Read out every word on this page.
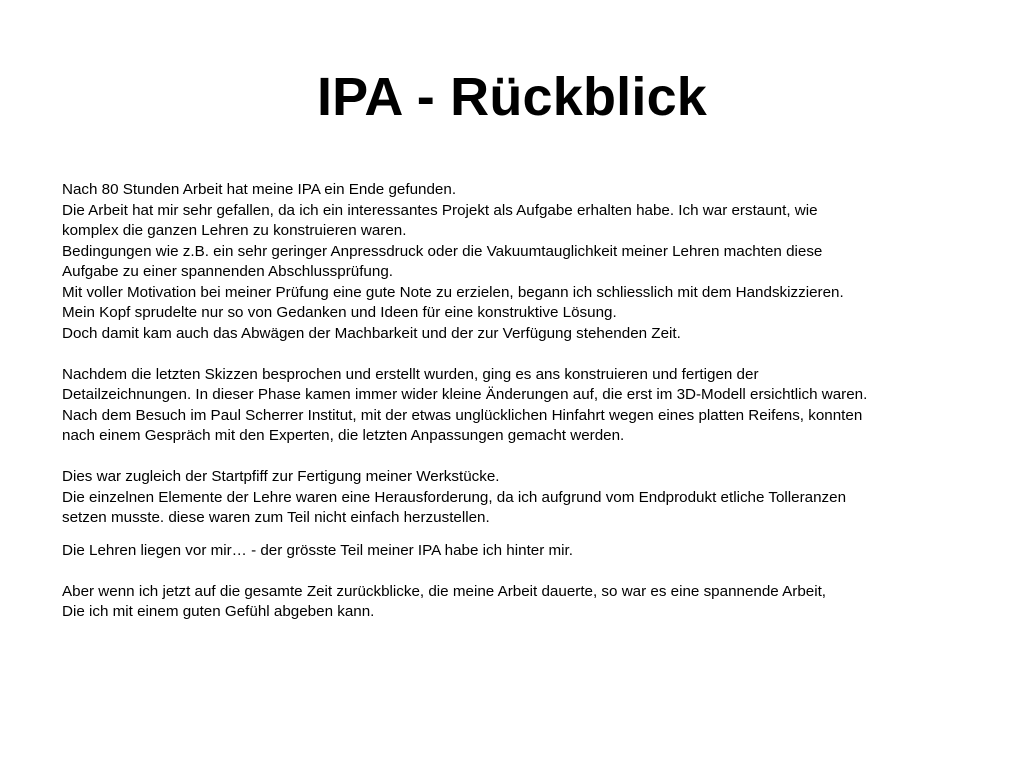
IPA - Rückblick

Nach 80 Stunden Arbeit hat meine IPA ein Ende gefunden.
Die Arbeit hat mir sehr gefallen, da ich ein interessantes Projekt als Aufgabe erhalten habe. Ich war erstaunt, wie
komplex die ganzen Lehren zu konstruieren waren.
Bedingungen wie z.B. ein sehr geringer Anpressdruck oder die Vakuumtauglichkeit meiner Lehren machten diese
Aufgabe zu einer spannenden Abschlussprüfung.
Mit voller Motivation bei meiner Prüfung eine gute Note zu erzielen, begann ich schliesslich mit dem Handskizzieren.
Mein Kopf sprudelte nur so von Gedanken und Ideen für eine konstruktive Lösung.
Doch damit kam auch das Abwägen der Machbarkeit und der zur Verfügung stehenden Zeit.

Nachdem die letzten Skizzen besprochen und erstellt wurden, ging es ans konstruieren und fertigen der
Detailzeichnungen. In dieser Phase kamen immer wider kleine Änderungen auf, die erst im 3D-Modell ersichtlich waren.
Nach dem Besuch im Paul Scherrer Institut, mit der etwas unglücklichen Hinfahrt wegen eines platten Reifens, konnten
nach einem Gespräch mit den Experten, die letzten Anpassungen gemacht werden.

Dies war zugleich der Startpfiff zur Fertigung meiner Werkstücke.
Die einzelnen Elemente der Lehre waren eine Herausforderung, da ich aufgrund vom Endprodukt etliche Tolleranzen
setzen musste. diese waren zum Teil nicht einfach herzustellen.

Die Lehren liegen vor mir… - der grösste Teil meiner IPA habe ich hinter mir.

Aber wenn ich jetzt auf die gesamte Zeit zurückblicke, die meine Arbeit dauerte, so war es eine spannende Arbeit,
Die ich mit einem guten Gefühl abgeben kann.
